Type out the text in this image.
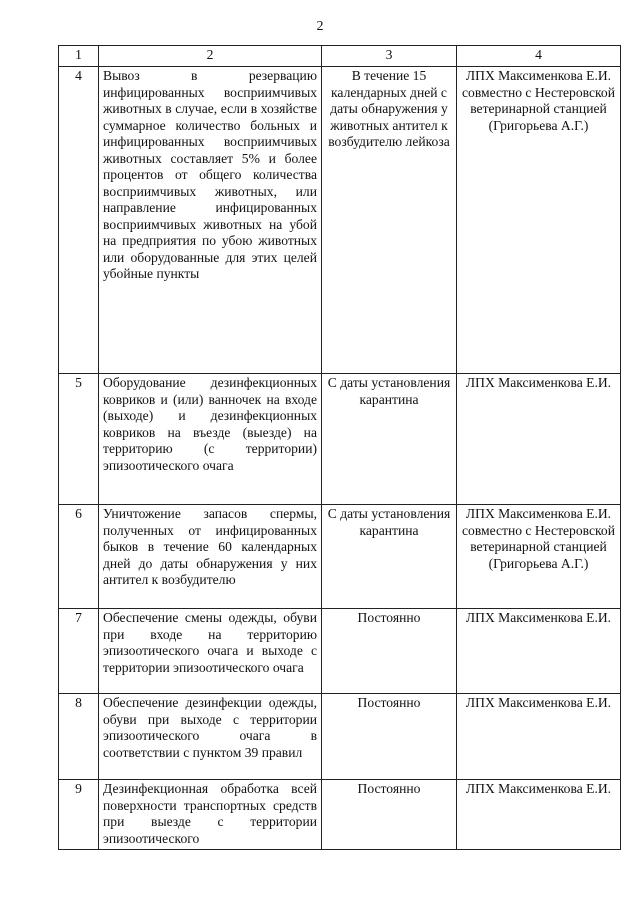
2
1	2	3	4
4	Вывоз в резервацию инфицированных восприимчивых животных в случае, если в хозяйстве суммарное количество больных и инфицированных восприимчивых животных составляет 5% и более процентов от общего количества восприимчивых животных, или направление инфицированных восприимчивых животных на убой на предприятия по убою животных или оборудованные для этих целей убойные пункты	В течение 15 календарных дней с даты обнаружения у животных антител к возбудителю лейкоза	ЛПХ Максименкова Е.И. совместно с Нестеровской ветеринарной станцией (Григорьева А.Г.)
5	Оборудование дезинфекционных ковриков и (или) ванночек на входе (выходе) и дезинфекционных ковриков на въезде (выезде) на территорию (с территории) эпизоотического очага	С даты установления карантина	ЛПХ Максименкова Е.И.
6	Уничтожение запасов спермы, полученных от инфицированных быков в течение 60 календарных дней до даты обнаружения у них антител к возбудителю	С даты установления карантина	ЛПХ Максименкова Е.И. совместно с Нестеровской ветеринарной станцией (Григорьева А.Г.)
7	Обеспечение смены одежды, обуви при входе на территорию эпизоотического очага и выходе с территории эпизоотического очага	Постоянно	ЛПХ Максименкова Е.И.
8	Обеспечение дезинфекции одежды, обуви при выходе с территории эпизоотического очага в соответствии с пунктом 39 правил	Постоянно	ЛПХ Максименкова Е.И.
9	Дезинфекционная обработка всей поверхности транспортных средств при выезде с территории эпизоотического	Постоянно	ЛПХ Максименкова Е.И.
